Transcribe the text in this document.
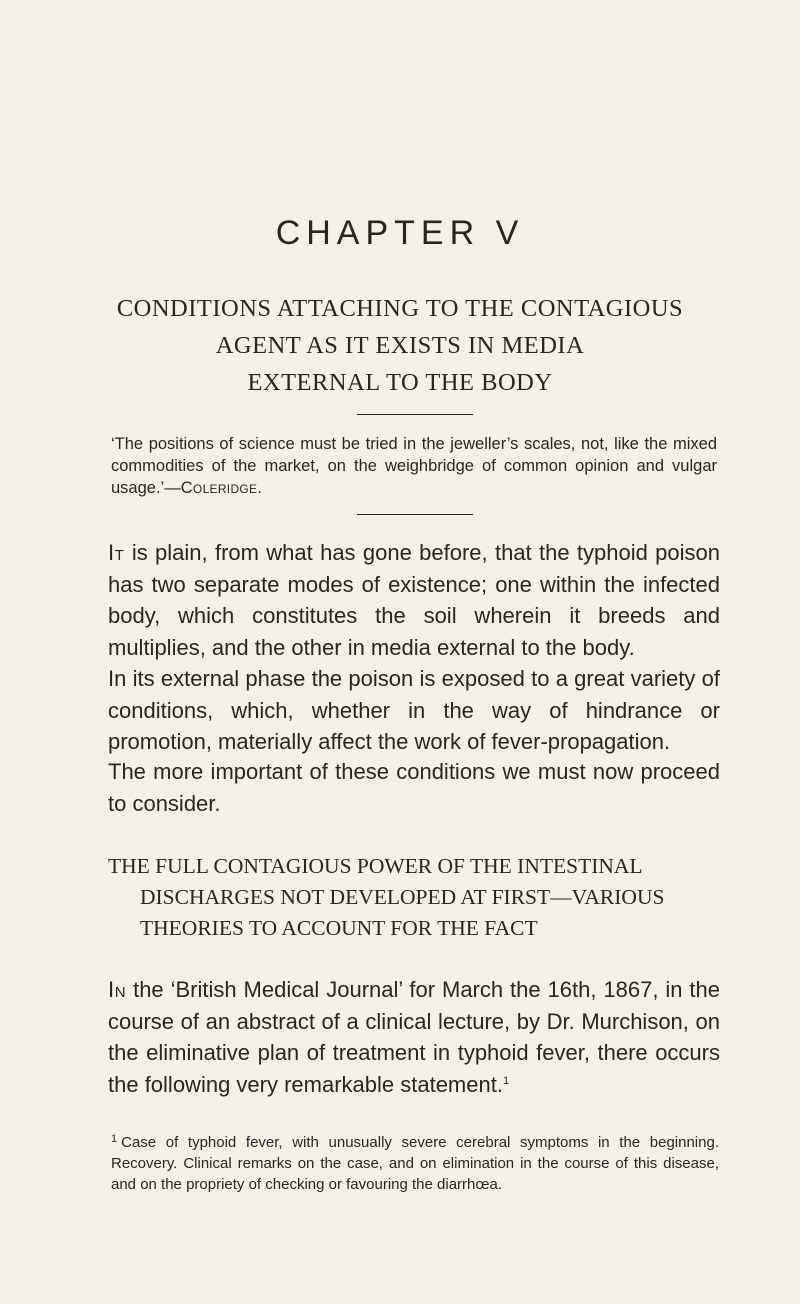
CHAPTER V
CONDITIONS ATTACHING TO THE CONTAGIOUS
AGENT AS IT EXISTS IN MEDIA
EXTERNAL TO THE BODY

‘The positions of science must be tried in the jeweller’s scales, not, like the mixed commodities of the market, on the weighbridge of common opinion and vulgar usage.’—Coleridge.

It is plain, from what has gone before, that the typhoid poison has two separate modes of existence; one within the infected body, which constitutes the soil wherein it breeds and multiplies, and the other in media external to the body.

In its external phase the poison is exposed to a great variety of conditions, which, whether in the way of hindrance or promotion, materially affect the work of fever-propagation.

The more important of these conditions we must now proceed to consider.

THE FULL CONTAGIOUS POWER OF THE INTESTINAL
DISCHARGES NOT DEVELOPED AT FIRST—VARIOUS
THEORIES TO ACCOUNT FOR THE FACT

In the ‘British Medical Journal’ for March the 16th, 1867, in the course of an abstract of a clinical lecture, by Dr. Murchison, on the eliminative plan of treatment in typhoid fever, there occurs the following very remarkable statement.$^1$

$^1$ Case of typhoid fever, with unusually severe cerebral symptoms in the beginning. Recovery. Clinical remarks on the case, and on elimination in the course of this disease, and on the propriety of checking or favouring the diarrhœa.
